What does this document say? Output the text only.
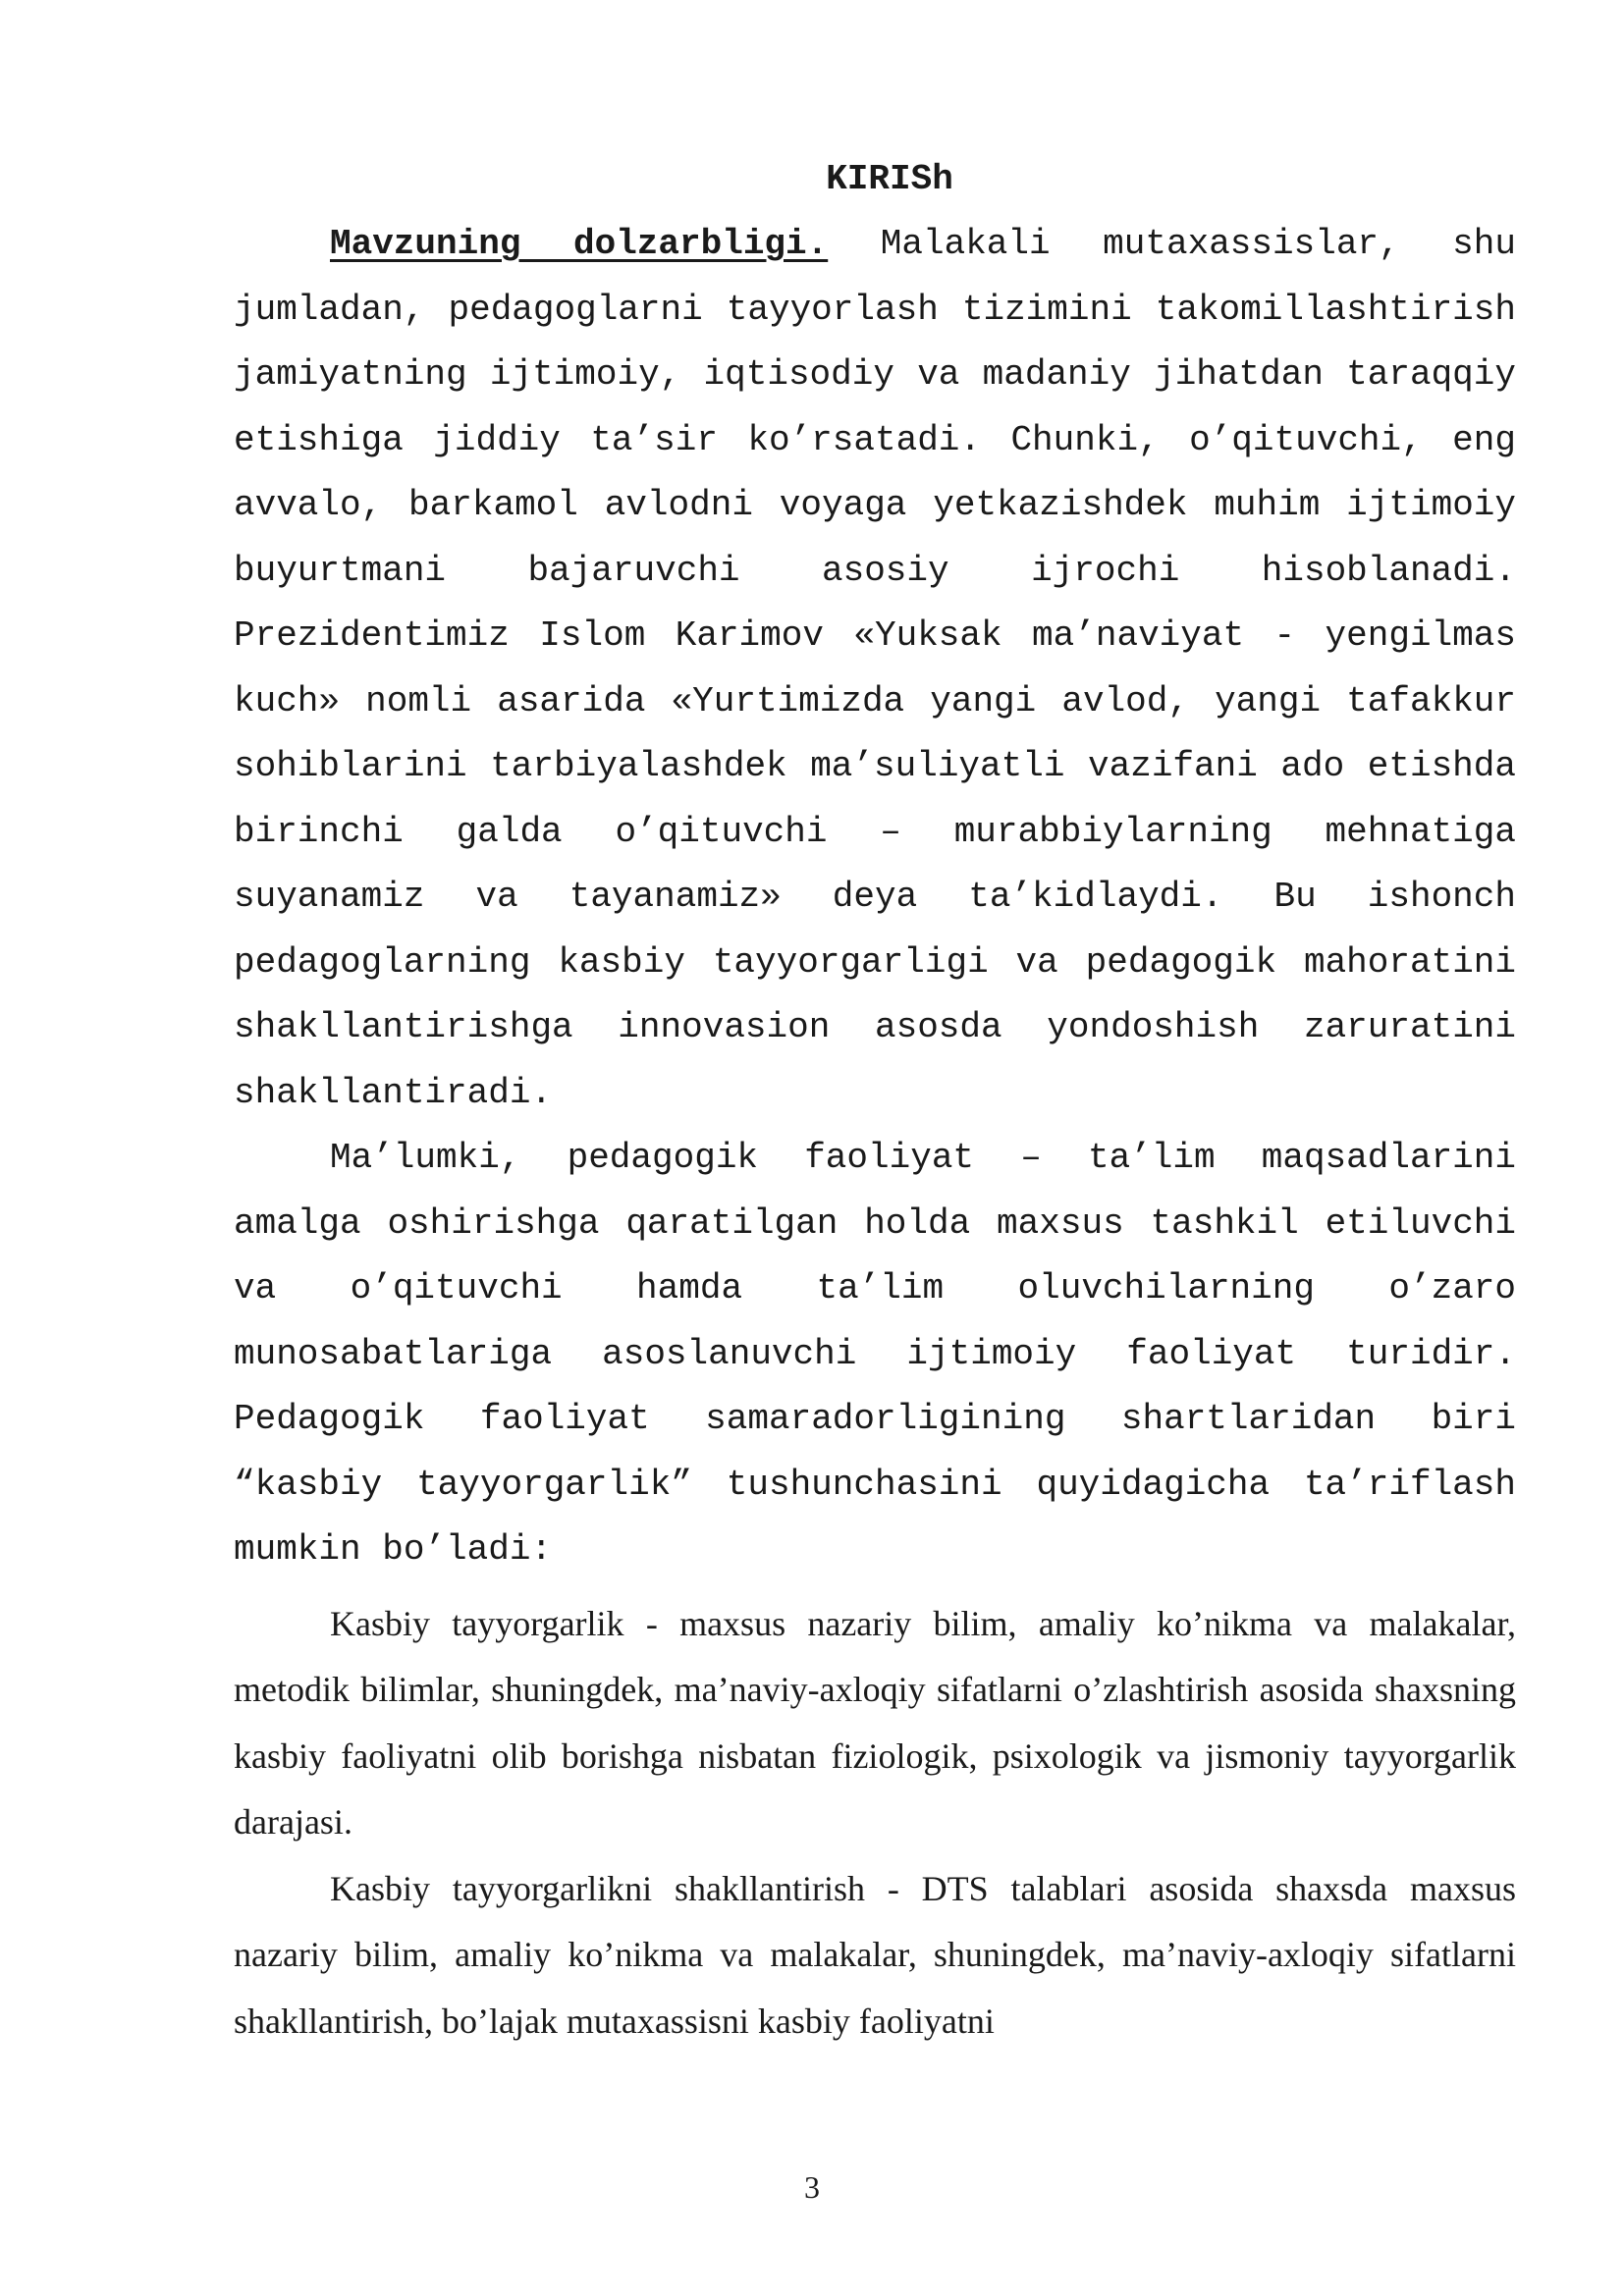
KIRISh

Mavzuning dolzarbligi. Malakali mutaxassislar, shu jumladan, pedagoglarni tayyorlash tizimini takomillashtirish jamiyatning ijtimoiy, iqtisodiy va madaniy jihatdan taraqqiy etishiga jiddiy ta’sir ko’rsatadi. Chunki, o’qituvchi, eng avvalo, barkamol avlodni voyaga yetkazishdek muhim ijtimoiy buyurtmani bajaruvchi asosiy ijrochi hisoblanadi. Prezidentimiz Islom Karimov «Yuksak ma’naviyat - yengilmas kuch» nomli asarida «Yurtimizda yangi avlod, yangi tafakkur sohiblarini tarbiyalashdek ma’suliyatli vazifani ado etishda birinchi galda o’qituvchi – murabbiylarning mehnatiga suyanamiz va tayanamiz» deya ta’kidlaydi. Bu ishonch pedagoglarning kasbiy tayyorgarligi va pedagogik mahoratini shakllantirishga innovasion asosda yondoshish zaruratini shakllantiradi.

Ma’lumki, pedagogik faoliyat – ta’lim maqsadlarini amalga oshirishga qaratilgan holda maxsus tashkil etiluvchi va o’qituvchi hamda ta’lim oluvchilarning o’zaro munosabatlariga asoslanuvchi ijtimoiy faoliyat turidir. Pedagogik faoliyat samaradorligining shartlaridan biri “kasbiy tayyorgarlik” tushunchasini quyidagicha ta’riflash mumkin bo’ladi:

Kasbiy tayyorgarlik - maxsus nazariy bilim, amaliy ko’nikma va malakalar, metodik bilimlar, shuningdek, ma’naviy-axloqiy sifatlarni o’zlashtirish asosida shaxsning kasbiy faoliyatni olib borishga nisbatan fiziologik, psixologik va jismoniy tayyorgarlik darajasi.

Kasbiy tayyorgarlikni shakllantirish - DTS talablari asosida shaxsda maxsus nazariy bilim, amaliy ko’nikma va malakalar, shuningdek, ma’naviy-axloqiy sifatlarni shakllantirish, bo’lajak mutaxassisni kasbiy faoliyatni

3
